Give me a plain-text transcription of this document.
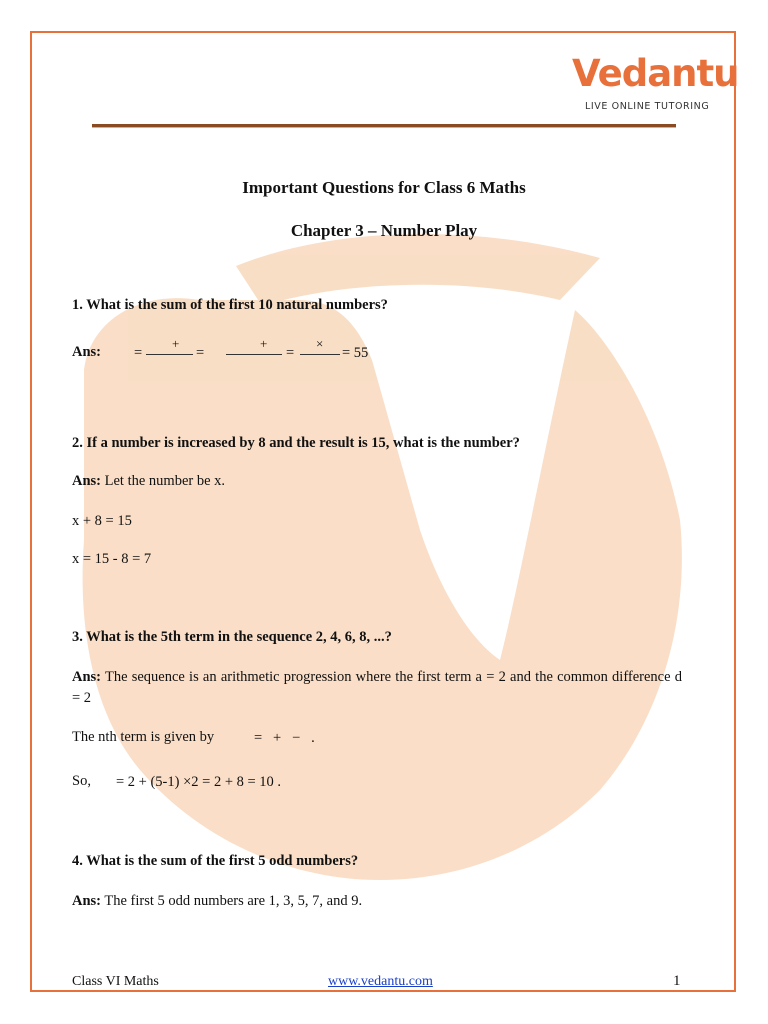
Vedantu
LIVE ONLINE TUTORING
Important Questions for Class 6 Maths
Chapter 3 – Number Play
1. What is the sum of the first 10 natural numbers?
Ans: =
+
=
+
=
×
= 55
2. If a number is increased by 8 and the result is 15, what is the number?
Ans: Let the number be x.
x + 8 = 15
x = 15 - 8 = 7
3. What is the 5th term in the sequence 2, 4, 6, 8, ...?
Ans: The sequence is an arithmetic progression where the first term a = 2 and the common difference d = 2
The nth term is given by	=   +   −   .
So, = 2 + (5-1) ×2 = 2 + 8 = 10 .
4. What is the sum of the first 5 odd numbers?
Ans: The first 5 odd numbers are 1, 3, 5, 7, and 9.
Class VI Maths	www.vedantu.com	1
